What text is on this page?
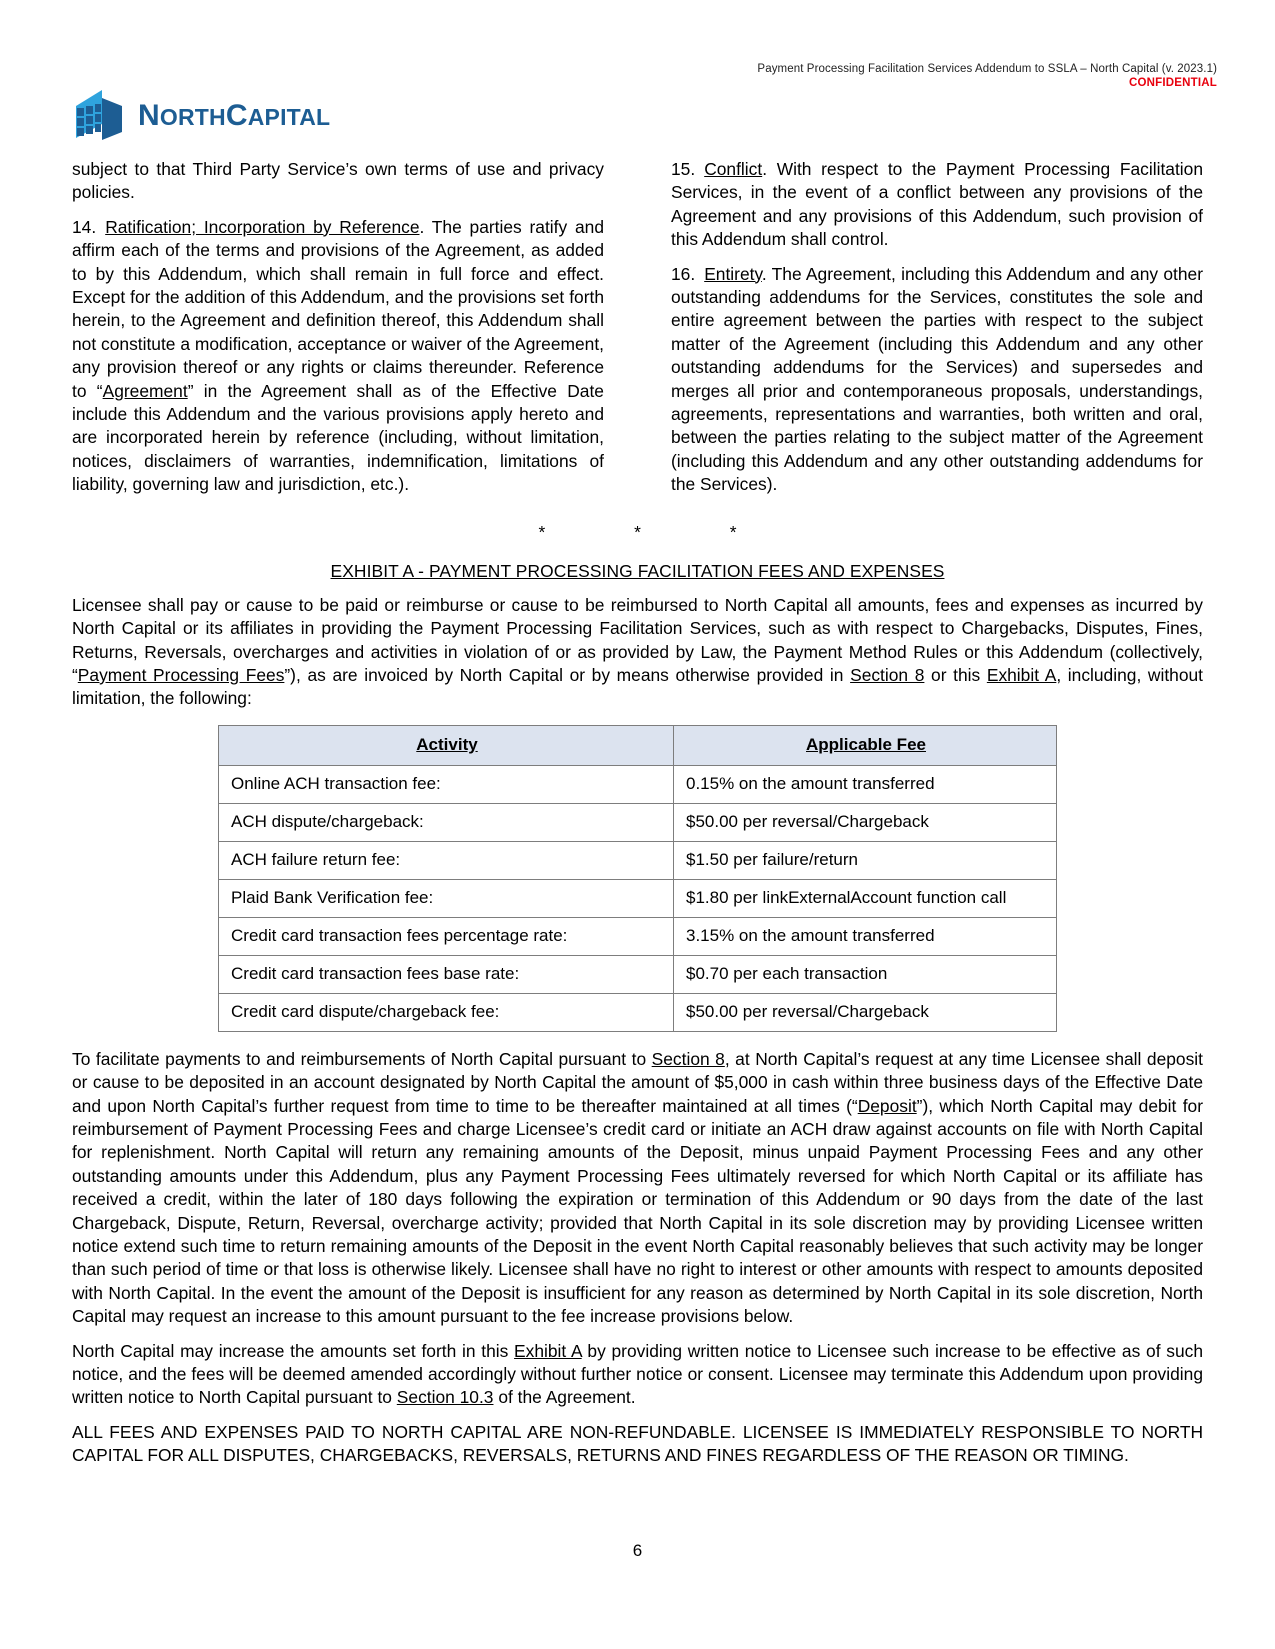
Payment Processing Facilitation Services Addendum to SSLA – North Capital (v. 2023.1)
CONFIDENTIAL
NORTHCAPITAL

subject to that Third Party Service’s own terms of use and privacy policies.

14. Ratification; Incorporation by Reference. The parties ratify and affirm each of the terms and provisions of the Agreement, as added to by this Addendum, which shall remain in full force and effect. Except for the addition of this Addendum, and the provisions set forth herein, to the Agreement and definition thereof, this Addendum shall not constitute a modification, acceptance or waiver of the Agreement, any provision thereof or any rights or claims thereunder. Reference to “Agreement” in the Agreement shall as of the Effective Date include this Addendum and the various provisions apply hereto and are incorporated herein by reference (including, without limitation, notices, disclaimers of warranties, indemnification, limitations of liability, governing law and jurisdiction, etc.).

15. Conflict. With respect to the Payment Processing Facilitation Services, in the event of a conflict between any provisions of the Agreement and any provisions of this Addendum, such provision of this Addendum shall control.

16. Entirety. The Agreement, including this Addendum and any other outstanding addendums for the Services, constitutes the sole and entire agreement between the parties with respect to the subject matter of the Agreement (including this Addendum and any other outstanding addendums for the Services) and supersedes and merges all prior and contemporaneous proposals, understandings, agreements, representations and warranties, both written and oral, between the parties relating to the subject matter of the Agreement (including this Addendum and any other outstanding addendums for the Services).

* * *
EXHIBIT A - PAYMENT PROCESSING FACILITATION FEES AND EXPENSES

Licensee shall pay or cause to be paid or reimburse or cause to be reimbursed to North Capital all amounts, fees and expenses as incurred by North Capital or its affiliates in providing the Payment Processing Facilitation Services, such as with respect to Chargebacks, Disputes, Fines, Returns, Reversals, overcharges and activities in violation of or as provided by Law, the Payment Method Rules or this Addendum (collectively, “Payment Processing Fees”), as are invoiced by North Capital or by means otherwise provided in Section 8 or this Exhibit A, including, without limitation, the following:

Activity	Applicable Fee
Online ACH transaction fee:	0.15% on the amount transferred
ACH dispute/chargeback:	$50.00 per reversal/Chargeback
ACH failure return fee:	$1.50 per failure/return
Plaid Bank Verification fee:	$1.80 per linkExternalAccount function call
Credit card transaction fees percentage rate:	3.15% on the amount transferred
Credit card transaction fees base rate:	$0.70 per each transaction
Credit card dispute/chargeback fee:	$50.00 per reversal/Chargeback

To facilitate payments to and reimbursements of North Capital pursuant to Section 8, at North Capital’s request at any time Licensee shall deposit or cause to be deposited in an account designated by North Capital the amount of $5,000 in cash within three business days of the Effective Date and upon North Capital’s further request from time to time to be thereafter maintained at all times (“Deposit”), which North Capital may debit for reimbursement of Payment Processing Fees and charge Licensee’s credit card or initiate an ACH draw against accounts on file with North Capital for replenishment. North Capital will return any remaining amounts of the Deposit, minus unpaid Payment Processing Fees and any other outstanding amounts under this Addendum, plus any Payment Processing Fees ultimately reversed for which North Capital or its affiliate has received a credit, within the later of 180 days following the expiration or termination of this Addendum or 90 days from the date of the last Chargeback, Dispute, Return, Reversal, overcharge activity; provided that North Capital in its sole discretion may by providing Licensee written notice extend such time to return remaining amounts of the Deposit in the event North Capital reasonably believes that such activity may be longer than such period of time or that loss is otherwise likely. Licensee shall have no right to interest or other amounts with respect to amounts deposited with North Capital. In the event the amount of the Deposit is insufficient for any reason as determined by North Capital in its sole discretion, North Capital may request an increase to this amount pursuant to the fee increase provisions below.

North Capital may increase the amounts set forth in this Exhibit A by providing written notice to Licensee such increase to be effective as of such notice, and the fees will be deemed amended accordingly without further notice or consent. Licensee may terminate this Addendum upon providing written notice to North Capital pursuant to Section 10.3 of the Agreement.

ALL FEES AND EXPENSES PAID TO NORTH CAPITAL ARE NON-REFUNDABLE. LICENSEE IS IMMEDIATELY RESPONSIBLE TO NORTH CAPITAL FOR ALL DISPUTES, CHARGEBACKS, REVERSALS, RETURNS AND FINES REGARDLESS OF THE REASON OR TIMING.

6
